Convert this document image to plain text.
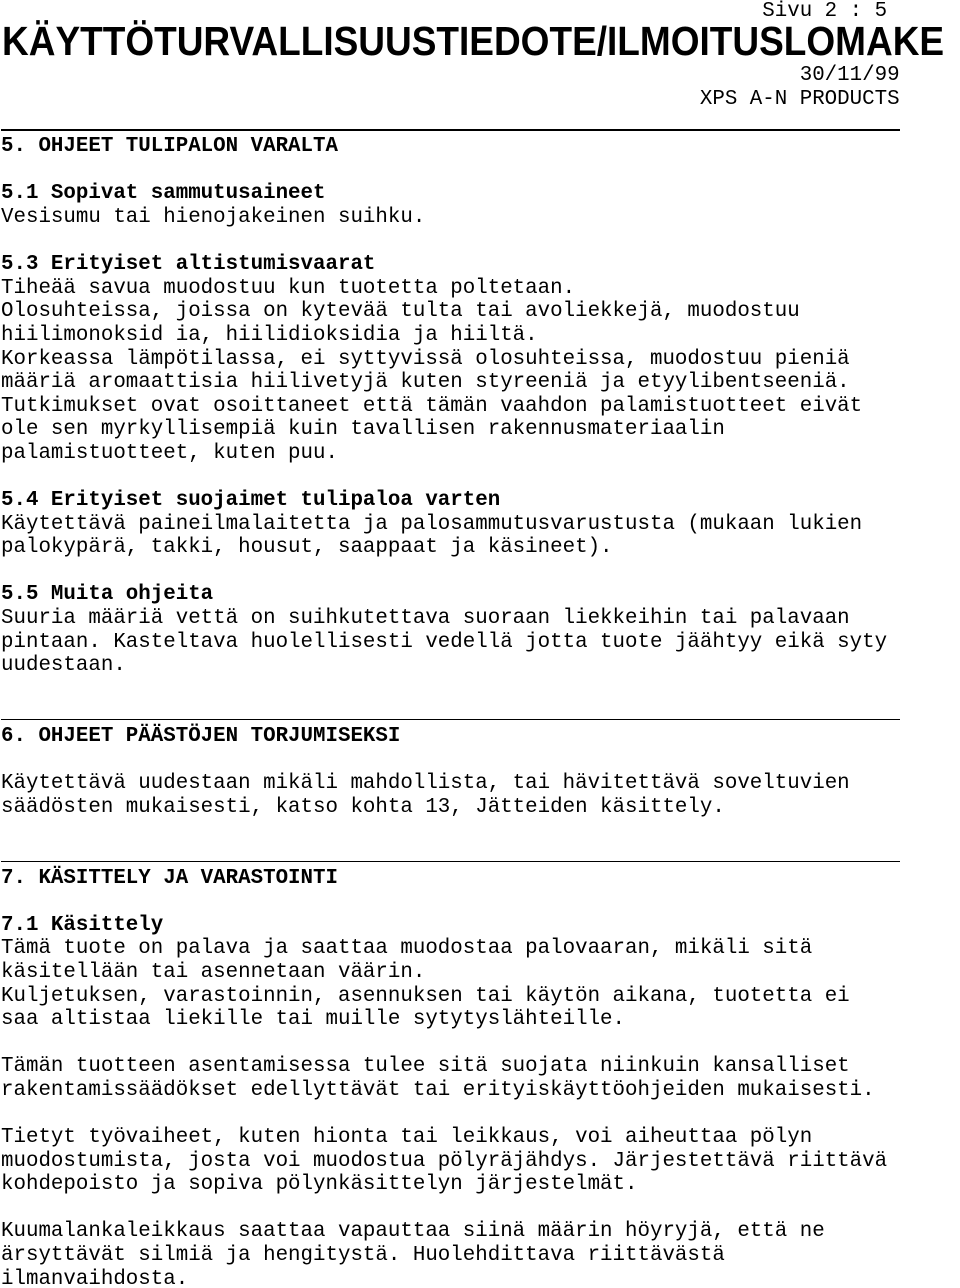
Sivu 2 : 5
KÄYTTÖTURVALLISUUSTIEDOTE/ILMOITUSLOMAKE
30/11/99
XPS A-N PRODUCTS
5. OHJEET TULIPALON VARALTA
5.1 Sopivat sammutusaineet
Vesisumu tai hienojakeinen suihku.
5.3 Erityiset altistumisvaarat
Tiheää savua muodostuu kun tuotetta poltetaan.
Olosuhteissa, joissa on kytevää tulta tai avoliekkejä, muodostuu
hiilimonoksid ia, hiilidioksidia ja hiiltä.
Korkeassa lämpötilassa, ei syttyvissä olosuhteissa, muodostuu pieniä
määriä aromaattisia hiilivetyjä kuten styreeniä ja etyylibentseeniä.
Tutkimukset ovat osoittaneet että tämän vaahdon palamistuotteet eivät
ole sen myrkyllisempiä kuin tavallisen rakennusmateriaalin
palamistuotteet, kuten puu.
5.4 Erityiset suojaimet tulipaloa varten
Käytettävä paineilmalaitetta ja palosammutusvarustusta (mukaan lukien
palokypärä, takki, housut, saappaat ja käsineet).
5.5 Muita ohjeita
Suuria määriä vettä on suihkutettava suoraan liekkeihin tai palavaan
pintaan. Kasteltava huolellisesti vedellä jotta tuote jäähtyy eikä syty
uudestaan.
6. OHJEET PÄÄSTÖJEN TORJUMISEKSI
Käytettävä uudestaan mikäli mahdollista, tai hävitettävä soveltuvien
säädösten mukaisesti, katso kohta 13, Jätteiden käsittely.
7. KÄSITTELY JA VARASTOINTI
7.1 Käsittely
Tämä tuote on palava ja saattaa muodostaa palovaaran, mikäli sitä
käsitellään tai asennetaan väärin.
Kuljetuksen, varastoinnin, asennuksen tai käytön aikana, tuotetta ei
saa altistaa liekille tai muille sytytyslähteille.
Tämän tuotteen asentamisessa tulee sitä suojata niinkuin kansalliset
rakentamissäädökset edellyttävät tai erityiskäyttöohjeiden mukaisesti.
Tietyt työvaiheet, kuten hionta tai leikkaus, voi aiheuttaa pölyn
muodostumista, josta voi muodostua pölyräjähdys. Järjestettävä riittävä
kohdepoisto ja sopiva pölynkäsittelyn järjestelmät.
Kuumalankaleikkaus saattaa vapauttaa siinä määrin höyryjä, että ne
ärsyttävät silmiä ja hengitystä. Huolehdittava riittävästä
ilmanvaihdosta.
